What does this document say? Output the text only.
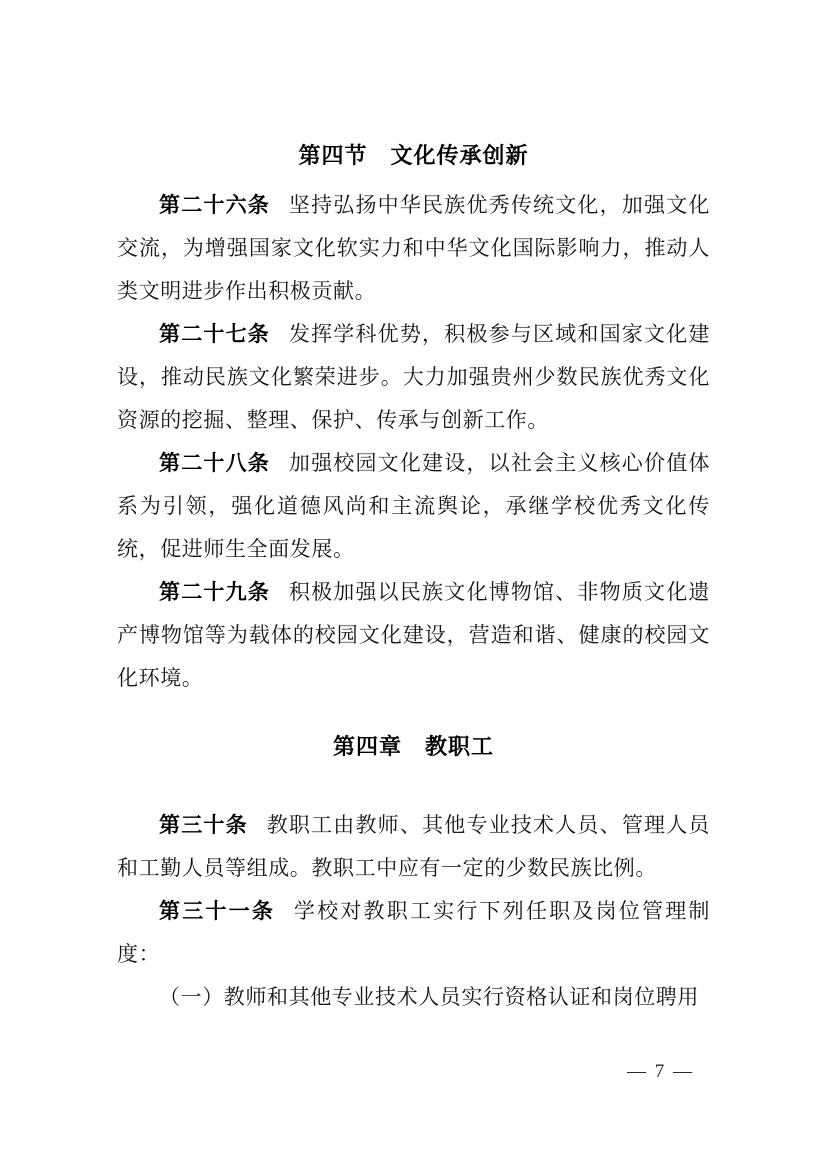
第四节　文化传承创新

第二十六条 坚持弘扬中华民族优秀传统文化，加强文化交流，为增强国家文化软实力和中华文化国际影响力，推动人类文明进步作出积极贡献。

第二十七条 发挥学科优势，积极参与区域和国家文化建设，推动民族文化繁荣进步。大力加强贵州少数民族优秀文化资源的挖掘、整理、保护、传承与创新工作。

第二十八条 加强校园文化建设，以社会主义核心价值体系为引领，强化道德风尚和主流舆论，承继学校优秀文化传统，促进师生全面发展。

第二十九条 积极加强以民族文化博物馆、非物质文化遗产博物馆等为载体的校园文化建设，营造和谐、健康的校园文化环境。

第四章　教职工

第三十条 教职工由教师、其他专业技术人员、管理人员和工勤人员等组成。教职工中应有一定的少数民族比例。

第三十一条 学校对教职工实行下列任职及岗位管理制度：

（一）教师和其他专业技术人员实行资格认证和岗位聘用

— 7 —
